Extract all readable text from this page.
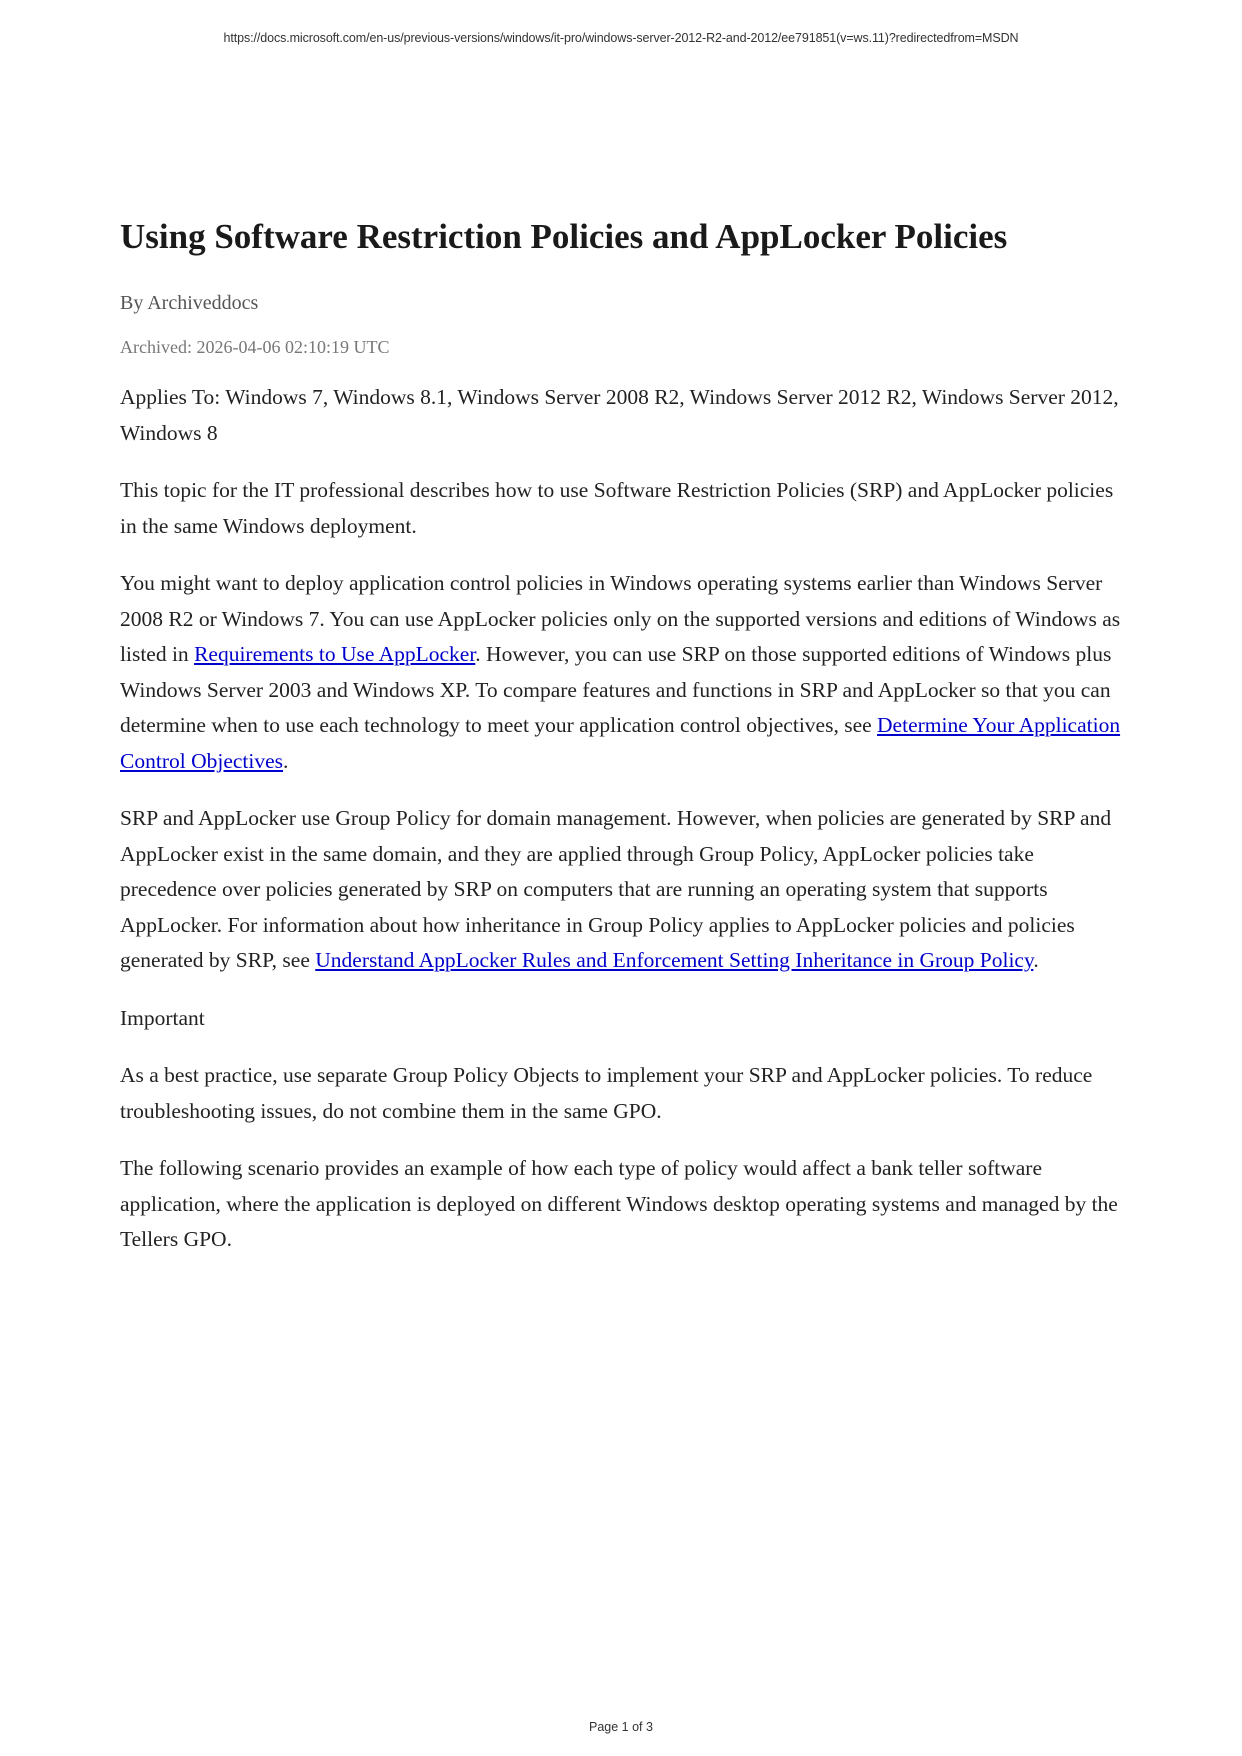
https://docs.microsoft.com/en-us/previous-versions/windows/it-pro/windows-server-2012-R2-and-2012/ee791851(v=ws.11)?redirectedfrom=MSDN
Using Software Restriction Policies and AppLocker Policies
By Archiveddocs
Archived: 2026-04-06 02:10:19 UTC

Applies To: Windows 7, Windows 8.1, Windows Server 2008 R2, Windows Server 2012 R2, Windows Server 2012, Windows 8

This topic for the IT professional describes how to use Software Restriction Policies (SRP) and AppLocker policies in the same Windows deployment.

You might want to deploy application control policies in Windows operating systems earlier than Windows Server 2008 R2 or Windows 7. You can use AppLocker policies only on the supported versions and editions of Windows as listed in Requirements to Use AppLocker. However, you can use SRP on those supported editions of Windows plus Windows Server 2003 and Windows XP. To compare features and functions in SRP and AppLocker so that you can determine when to use each technology to meet your application control objectives, see Determine Your Application Control Objectives.

SRP and AppLocker use Group Policy for domain management. However, when policies are generated by SRP and AppLocker exist in the same domain, and they are applied through Group Policy, AppLocker policies take precedence over policies generated by SRP on computers that are running an operating system that supports AppLocker. For information about how inheritance in Group Policy applies to AppLocker policies and policies generated by SRP, see Understand AppLocker Rules and Enforcement Setting Inheritance in Group Policy.

Important

As a best practice, use separate Group Policy Objects to implement your SRP and AppLocker policies. To reduce troubleshooting issues, do not combine them in the same GPO.

The following scenario provides an example of how each type of policy would affect a bank teller software application, where the application is deployed on different Windows desktop operating systems and managed by the Tellers GPO.

Page 1 of 3
